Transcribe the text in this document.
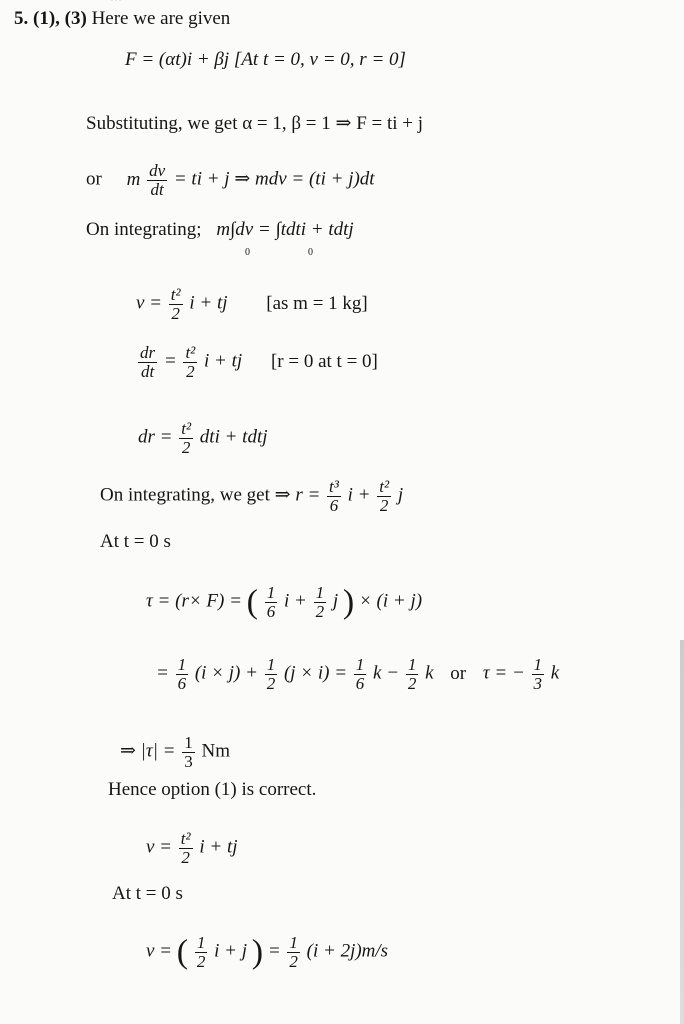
5. (1), (3) Here we are given
F = (αt)i + βj [At t = 0, v = 0, r = 0]
Substituting, we get α = 1, β = 1 ⇒ F = ti + j
or m $\frac{dv}{dt}$ = ti + j ⇒ mdv = (ti + j)dt
On integrating; m∫dv = ∫tdti + tdtj
0	0
$v = \frac{\text{t²}}{2}$ i + tj [as m = 1 kg]
$\frac{dr}{dt} = \frac{\text{t²}}{2}$ i + tj [r = 0 at t = 0]
dr = $\frac{\text{t²}}{2}$ dti + tdtj
On integrating, we get ⇒ $r = \frac{\text{t³}}{6}$ $i + \frac{\text{t²}}{2}$ j
At t = 0 s
τ = (r× F) = ( $\frac{1}{6}$ $i + \frac{1}{2}$ j ) × (i + j)
= $\frac{1}{6} (i \times j) + \frac{1}{2} (j \times i) = \frac{1}{6}$ $k - \frac{1}{2}$ k or τ = − $\frac{1}{3}$ k
⇒ $|\tau| = \frac{1}{3}$ Nm
Hence option (1) is correct.
$v = \frac{\text{t²}}{2}$ i + tj
At t = 0 s
v = ( $\frac{1}{2}$ i + j ) = $\frac{1}{2} (i + 2j)m/s$
